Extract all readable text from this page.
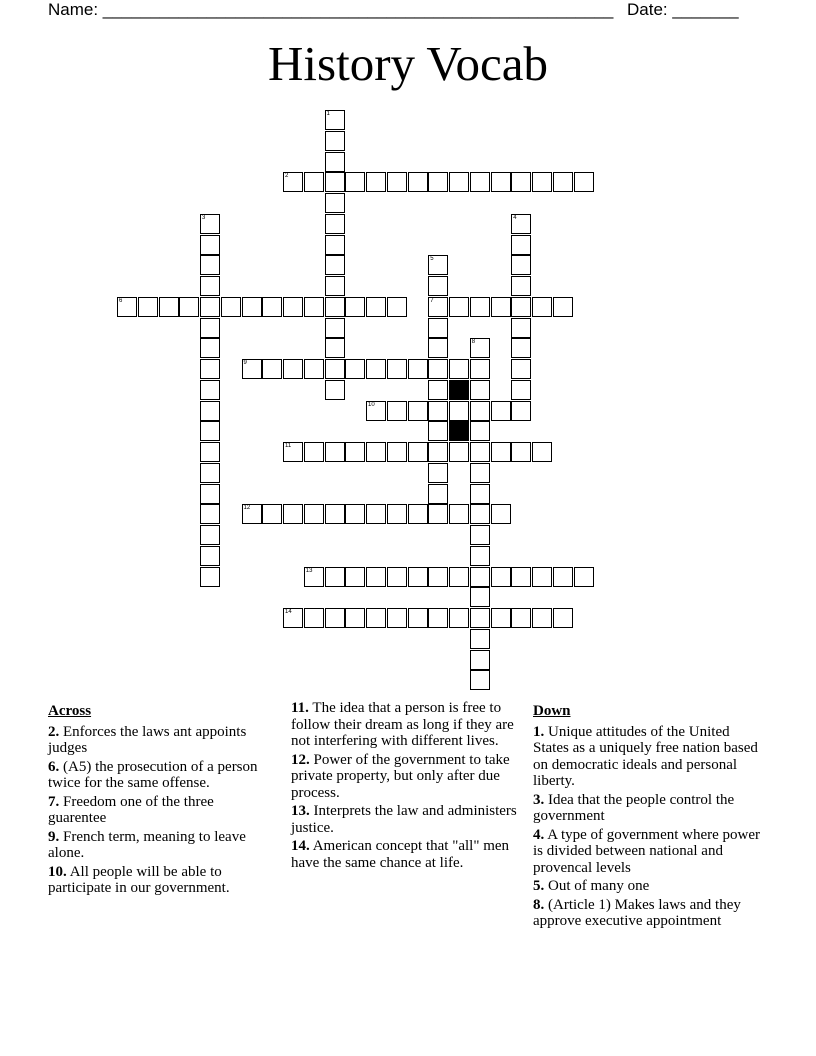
Name: ______________________________________________________ Date: _______
History Vocab
1
2
3	4
5
7
6
8
9
10
11
12
13
14
Across
2. Enforces the laws ant appoints judges
6. (A5) the prosecution of a person twice for the same offense.
7. Freedom one of the three guarentee
9. French term, meaning to leave alone.
10. All people will be able to participate in our government.
11. The idea that a person is free to follow their dream as long if they are not interfering with different lives.
12. Power of the government to take private property, but only after due process.
13. Interprets the law and administers justice.
14. American concept that "all" men have the same chance at life.
Down
1. Unique attitudes of the United States as a uniquely free nation based on democratic ideals and personal liberty.
3. Idea that the people control the government
4. A type of government where power is divided between national and provencal levels
5. Out of many one
8. (Article 1) Makes laws and they approve executive appointment
